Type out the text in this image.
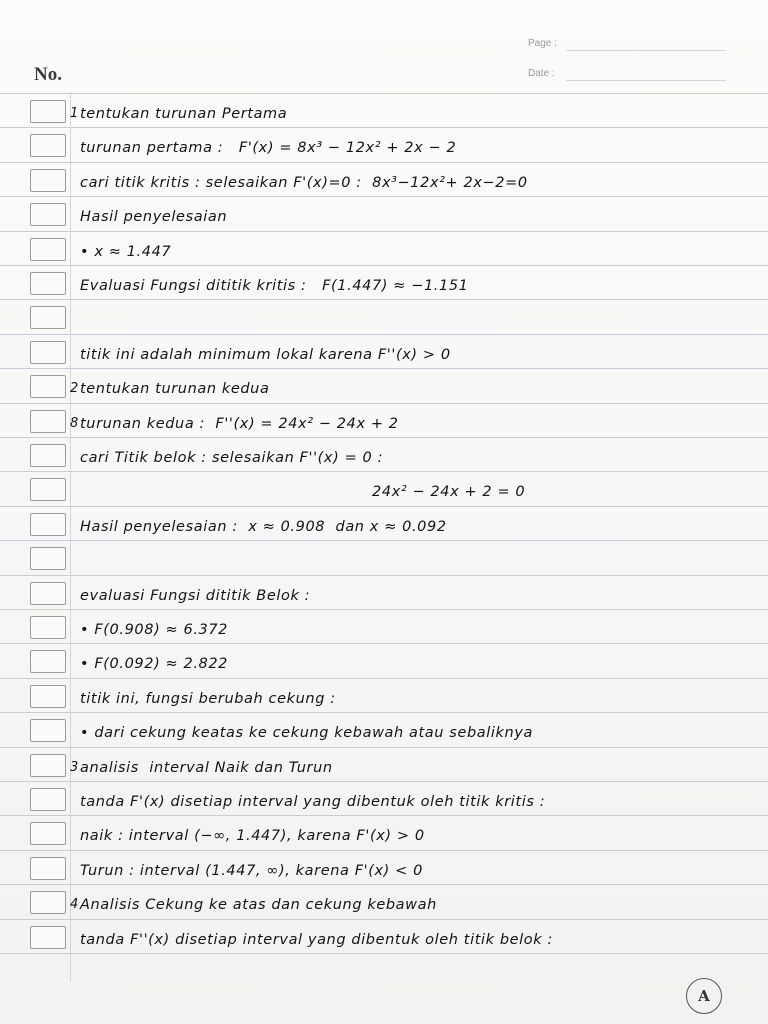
Page :
Date :
No.
tentukan turunan Pertama
1
turunan pertama :   F'(x) = 8x³ − 12x² + 2x − 2
cari titik kritis : selesaikan F'(x)=0 :  8x³−12x²+ 2x−2=0
Hasil penyelesaian
• x ≈ 1.447
Evaluasi Fungsi dititik kritis :   F(1.447) ≈ −1.151
titik ini adalah minimum lokal karena F''(x) > 0
tentukan turunan kedua
2
turunan kedua :  F''(x) = 24x² − 24x + 2
8
cari Titik belok : selesaikan F''(x) = 0 :
24x² − 24x + 2 = 0
Hasil penyelesaian :  x ≈ 0.908  dan x ≈ 0.092
evaluasi Fungsi dititik Belok :
• F(0.908) ≈ 6.372
• F(0.092) ≈ 2.822
titik ini, fungsi berubah cekung :
• dari cekung keatas ke cekung kebawah atau sebaliknya
analisis  interval Naik dan Turun
3
tanda F'(x) disetiap interval yang dibentuk oleh titik kritis :
naik : interval (−∞, 1.447), karena F'(x) > 0
Turun : interval (1.447, ∞), karena F'(x) < 0
Analisis Cekung ke atas dan cekung kebawah
4
tanda F''(x) disetiap interval yang dibentuk oleh titik belok :
A
